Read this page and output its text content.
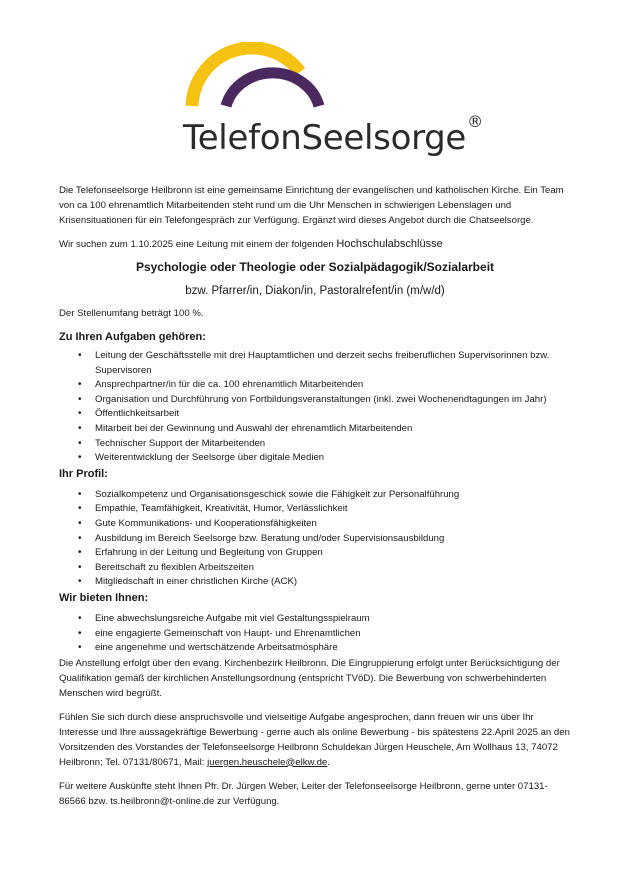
TelefonSeelsorge®

Die Telefonseelsorge Heilbronn ist eine gemeinsame Einrichtung der evangelischen und katholischen Kirche. Ein Team von ca 100 ehrenamtlich Mitarbeitenden steht rund um die Uhr Menschen in schwierigen Lebenslagen und Krisensituationen für ein Telefongespräch zur Verfügung. Ergänzt wird dieses Angebot durch die Chatseelsorge.

Wir suchen zum 1.10.2025 eine Leitung mit einem der folgenden Hochschulabschlüsse

Psychologie oder Theologie oder Sozialpädagogik/Sozialarbeit

bzw. Pfarrer/in, Diakon/in, Pastoralrefent/in (m/w/d)

Der Stellenumfang beträgt 100 %.

Zu Ihren Aufgaben gehören:
• Leitung der Geschäftsstelle mit drei Hauptamtlichen und derzeit sechs freiberuflichen Supervisorinnen bzw. Supervisoren
• Ansprechpartner/in für die ca. 100 ehrenamtlich Mitarbeitenden
• Organisation und Durchführung von Fortbildungsveranstaltungen (inkl. zwei Wochenendtagungen im Jahr)
• Öffentlichkeitsarbeit
• Mitarbeit bei der Gewinnung und Auswahl der ehrenamtlich Mitarbeitenden
• Technischer Support der Mitarbeitenden
• Weiterentwicklung der Seelsorge über digitale Medien
Ihr Profil:
• Sozialkompetenz und Organisationsgeschick sowie die Fähigkeit zur Personalführung
• Empathie, Teamfähigkeit, Kreativität, Humor, Verlässlichkeit
• Gute Kommunikations- und Kooperationsfähigkeiten
• Ausbildung im Bereich Seelsorge bzw. Beratung und/oder Supervisionsausbildung
• Erfahrung in der Leitung und Begleitung von Gruppen
• Bereitschaft zu flexiblen Arbeitszeiten
• Mitgliedschaft in einer christlichen Kirche (ACK)
Wir bieten Ihnen:
• Eine abwechslungsreiche Aufgabe mit viel Gestaltungsspielraum
• eine engagierte Gemeinschaft von Haupt- und Ehrenamtlichen
• eine angenehme und wertschätzende Arbeitsatmosphäre

Die Anstellung erfolgt über den evang. Kirchenbezirk Heilbronn. Die Eingruppierung erfolgt unter Berücksichtigung der Qualifikation gemäß der kirchlichen Anstellungsordnung (entspricht TVöD). Die Bewerbung von schwerbehinderten Menschen wird begrüßt.

Fühlen Sie sich durch diese anspruchsvolle und vielseitige Aufgabe angesprochen, dann freuen wir uns über Ihr Interesse und Ihre aussagekräftige Bewerbung - gerne auch als online Bewerbung - bis spätestens 22.April 2025 an den Vorsitzenden des Vorstandes der Telefonseelsorge Heilbronn Schuldekan Jürgen Heuschele, Am Wollhaus 13, 74072 Heilbronn; Tel. 07131/80671, Mail: juergen.heuschele@elkw.de.

Für weitere Auskünfte steht Ihnen Pfr. Dr. Jürgen Weber, Leiter der Telefonseelsorge Heilbronn, gerne unter 07131-86566 bzw. ts.heilbronn@t-online.de zur Verfügung.
